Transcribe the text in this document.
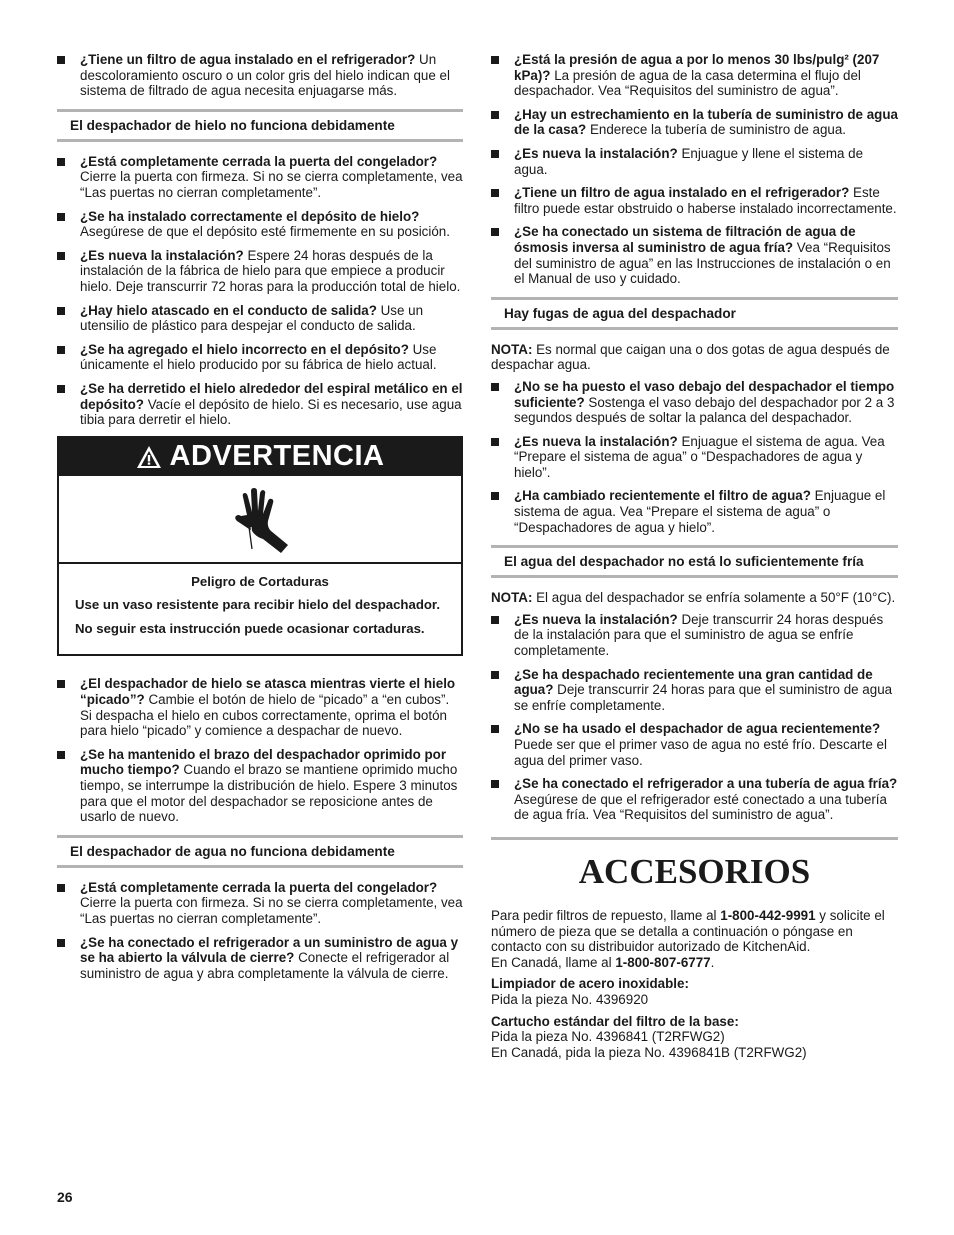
¿Tiene un filtro de agua instalado en el refrigerador? Un descoloramiento oscuro o un color gris del hielo indican que el sistema de filtrado de agua necesita enjuagarse más.
El despachador de hielo no funciona debidamente
¿Está completamente cerrada la puerta del congelador? Cierre la puerta con firmeza. Si no se cierra completamente, vea “Las puertas no cierran completamente”.
¿Se ha instalado correctamente el depósito de hielo? Asegúrese de que el depósito esté firmemente en su posición.
¿Es nueva la instalación? Espere 24 horas después de la instalación de la fábrica de hielo para que empiece a producir hielo. Deje transcurrir 72 horas para la producción total de hielo.
¿Hay hielo atascado en el conducto de salida? Use un utensilio de plástico para despejar el conducto de salida.
¿Se ha agregado el hielo incorrecto en el depósito? Use únicamente el hielo producido por su fábrica de hielo actual.
¿Se ha derretido el hielo alrededor del espiral metálico en el depósito? Vacíe el depósito de hielo. Si es necesario, use agua tibia para derretir el hielo.
ADVERTENCIA
Peligro de Cortaduras

Use un vaso resistente para recibir hielo del despachador.

No seguir esta instrucción puede ocasionar cortaduras.

¿El despachador de hielo se atasca mientras vierte el hielo “picado”? Cambie el botón de hielo de “picado” a “en cubos”. Si despacha el hielo en cubos correctamente, oprima el botón para hielo “picado” y comience a despachar de nuevo.
¿Se ha mantenido el brazo del despachador oprimido por mucho tiempo? Cuando el brazo se mantiene oprimido mucho tiempo, se interrumpe la distribución de hielo. Espere 3 minutos para que el motor del despachador se reposicione antes de usarlo de nuevo.
El despachador de agua no funciona debidamente
¿Está completamente cerrada la puerta del congelador? Cierre la puerta con firmeza. Si no se cierra completamente, vea “Las puertas no cierran completamente”.
¿Se ha conectado el refrigerador a un suministro de agua y se ha abierto la válvula de cierre? Conecte el refrigerador al suministro de agua y abra completamente la válvula de cierre.
¿Está la presión de agua a por lo menos 30 lbs/pulg² (207 kPa)? La presión de agua de la casa determina el flujo del despachador. Vea “Requisitos del suministro de agua”.
¿Hay un estrechamiento en la tubería de suministro de agua de la casa? Enderece la tubería de suministro de agua.
¿Es nueva la instalación? Enjuague y llene el sistema de agua.
¿Tiene un filtro de agua instalado en el refrigerador? Este filtro puede estar obstruido o haberse instalado incorrectamente.
¿Se ha conectado un sistema de filtración de agua de ósmosis inversa al suministro de agua fría? Vea “Requisitos del suministro de agua” en las Instrucciones de instalación o en el Manual de uso y cuidado.
Hay fugas de agua del despachador

NOTA: Es normal que caigan una o dos gotas de agua después de despachar agua.

¿No se ha puesto el vaso debajo del despachador el tiempo suficiente? Sostenga el vaso debajo del despachador por 2 a 3 segundos después de soltar la palanca del despachador.
¿Es nueva la instalación? Enjuague el sistema de agua. Vea “Prepare el sistema de agua” o “Despachadores de agua y hielo”.
¿Ha cambiado recientemente el filtro de agua? Enjuague el sistema de agua. Vea “Prepare el sistema de agua” o “Despachadores de agua y hielo”.
El agua del despachador no está lo suficientemente fría

NOTA: El agua del despachador se enfría solamente a 50°F (10°C).

¿Es nueva la instalación? Deje transcurrir 24 horas después de la instalación para que el suministro de agua se enfríe completamente.
¿Se ha despachado recientemente una gran cantidad de agua? Deje transcurrir 24 horas para que el suministro de agua se enfríe completamente.
¿No se ha usado el despachador de agua recientemente? Puede ser que el primer vaso de agua no esté frío. Descarte el agua del primer vaso.
¿Se ha conectado el refrigerador a una tubería de agua fría? Asegúrese de que el refrigerador esté conectado a una tubería de agua fría. Vea “Requisitos del suministro de agua”.
ACCESORIOS

Para pedir filtros de repuesto, llame al 1-800-442-9991 y solicite el número de pieza que se detalla a continuación o póngase en contacto con su distribuidor autorizado de KitchenAid.
En Canadá, llame al 1-800-807-6777.

Limpiador de acero inoxidable:
Pida la pieza No. 4396920

Cartucho estándar del filtro de la base:
Pida la pieza No. 4396841 (T2RFWG2)
En Canadá, pida la pieza No. 4396841B (T2RFWG2)

26
